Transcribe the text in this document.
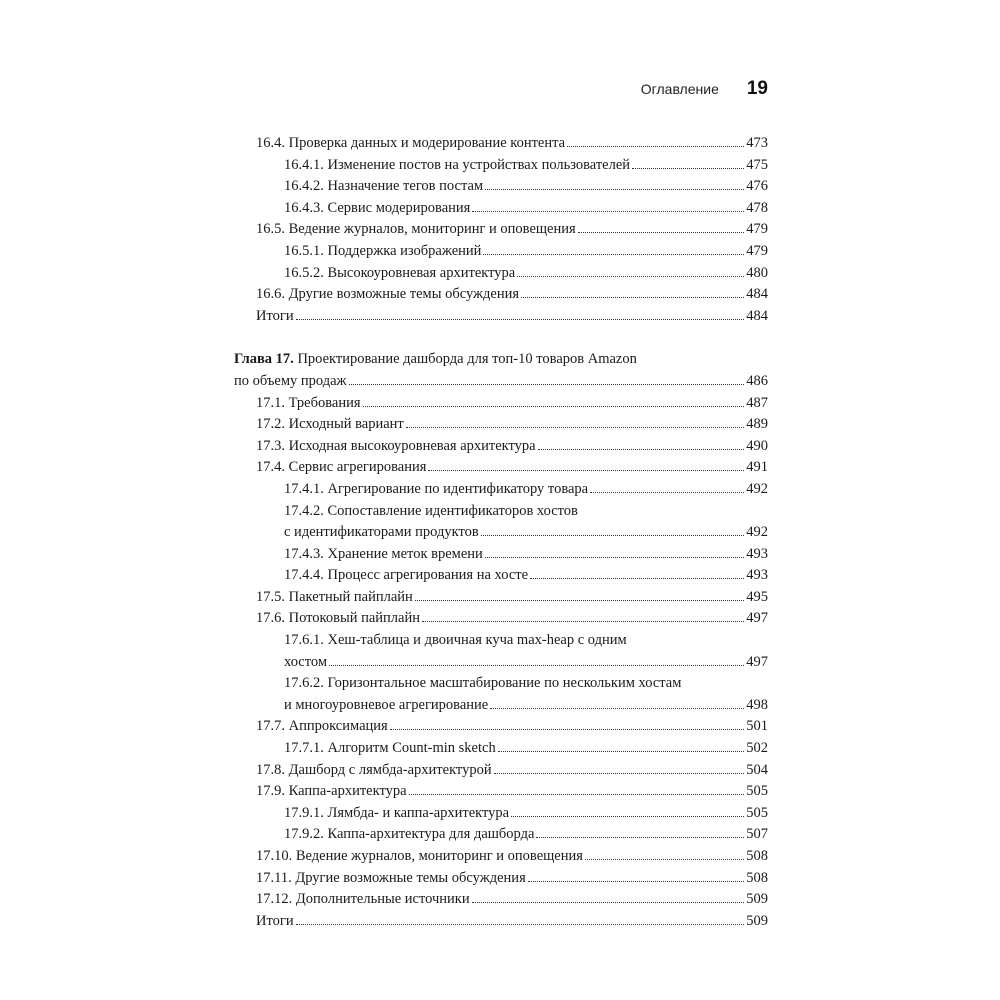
Оглавление 19
16.4. Проверка данных и модерирование контента	473
16.4.1. Изменение постов на устройствах пользователей	475
16.4.2. Назначение тегов постам	476
16.4.3. Сервис модерирования	478
16.5. Ведение журналов, мониторинг и оповещения	479
16.5.1. Поддержка изображений	479
16.5.2. Высокоуровневая архитектура	480
16.6. Другие возможные темы обсуждения	484
Итоги	484
Глава 17. Проектирование дашборда для топ-10 товаров Amazon
по объему продаж	486
17.1. Требования	487
17.2. Исходный вариант	489
17.3. Исходная высокоуровневая архитектура	490
17.4. Сервис агрегирования	491
17.4.1. Агрегирование по идентификатору товара	492
17.4.2. Сопоставление идентификаторов хостов
с идентификаторами продуктов	492
17.4.3. Хранение меток времени	493
17.4.4. Процесс агрегирования на хосте	493
17.5. Пакетный пайплайн	495
17.6. Потоковый пайплайн	497
17.6.1. Хеш-таблица и двоичная куча max-heap с одним
хостом	497
17.6.2. Горизонтальное масштабирование по нескольким хостам
и многоуровневое агрегирование	498
17.7. Аппроксимация	501
17.7.1. Алгоритм Count-min sketch	502
17.8. Дашборд с лямбда-архитектурой	504
17.9. Каппа-архитектура	505
17.9.1. Лямбда- и каппа-архитектура	505
17.9.2. Каппа-архитектура для дашборда	507
17.10. Ведение журналов, мониторинг и оповещения	508
17.11. Другие возможные темы обсуждения	508
17.12. Дополнительные источники	509
Итоги	509
